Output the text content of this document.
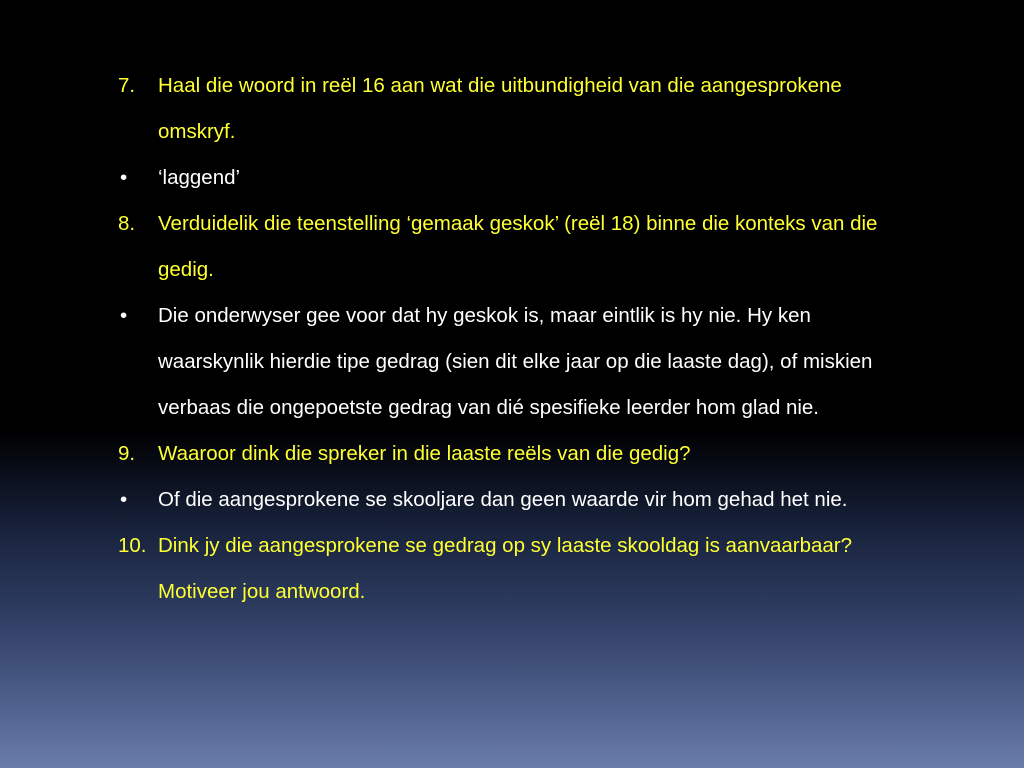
7.	Haal die woord in reël 16 aan wat die uitbundigheid van die aangesprokene omskryf.
•	‘laggend’
8.	Verduidelik die teenstelling ‘gemaak geskok’ (reël 18) binne die konteks van die gedig.
•	Die onderwyser gee voor dat hy geskok is, maar eintlik is hy nie. Hy ken waarskynlik hierdie tipe gedrag (sien dit elke jaar op die laaste dag), of miskien verbaas die ongepoetste gedrag van dié spesifieke leerder hom glad nie.
9.	Waaroor dink die spreker in die laaste reëls van die gedig?
•	Of die aangesprokene se skooljare dan geen waarde vir hom gehad het nie.
10. Dink jy die aangesprokene se gedrag op sy laaste skooldag is aanvaarbaar? Motiveer jou antwoord.
